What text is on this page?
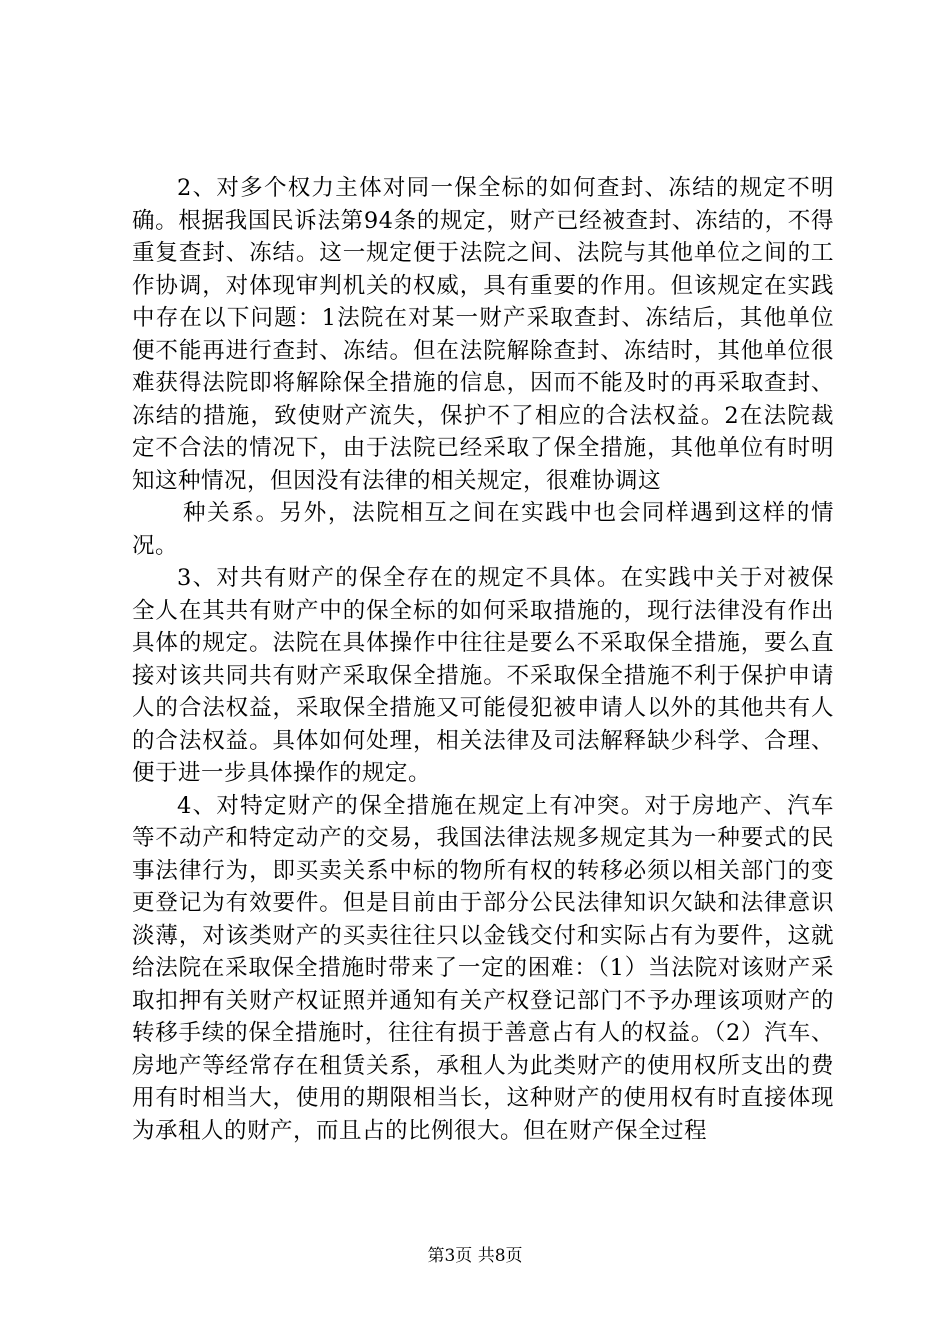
2、对多个权力主体对同一保全标的如何查封、冻结的规定不明确。根据我国民诉法第94条的规定，财产已经被查封、冻结的，不得重复查封、冻结。这一规定便于法院之间、法院与其他单位之间的工作协调，对体现审判机关的权威，具有重要的作用。但该规定在实践中存在以下问题：1法院在对某一财产采取查封、冻结后，其他单位便不能再进行查封、冻结。但在法院解除查封、冻结时，其他单位很难获得法院即将解除保全措施的信息，因而不能及时的再采取查封、冻结的措施，致使财产流失，保护不了相应的合法权益。2在法院裁定不合法的情况下，由于法院已经采取了保全措施，其他单位有时明知这种情况，但因没有法律的相关规定，很难协调这

种关系。另外，法院相互之间在实践中也会同样遇到这样的情况。

3、对共有财产的保全存在的规定不具体。在实践中关于对被保全人在其共有财产中的保全标的如何采取措施的，现行法律没有作出具体的规定。法院在具体操作中往往是要么不采取保全措施，要么直接对该共同共有财产采取保全措施。不采取保全措施不利于保护申请人的合法权益，采取保全措施又可能侵犯被申请人以外的其他共有人的合法权益。具体如何处理，相关法律及司法解释缺少科学、合理、便于进一步具体操作的规定。

4、对特定财产的保全措施在规定上有冲突。对于房地产、汽车等不动产和特定动产的交易，我国法律法规多规定其为一种要式的民事法律行为，即买卖关系中标的物所有权的转移必须以相关部门的变更登记为有效要件。但是目前由于部分公民法律知识欠缺和法律意识淡薄，对该类财产的买卖往往只以金钱交付和实际占有为要件，这就给法院在采取保全措施时带来了一定的困难：（1）当法院对该财产采取扣押有关财产权证照并通知有关产权登记部门不予办理该项财产的转移手续的保全措施时，往往有损于善意占有人的权益。（2）汽车、房地产等经常存在租赁关系，承租人为此类财产的使用权所支出的费用有时相当大，使用的期限相当长，这种财产的使用权有时直接体现为承租人的财产，而且占的比例很大。但在财产保全过程

第3页 共8页
